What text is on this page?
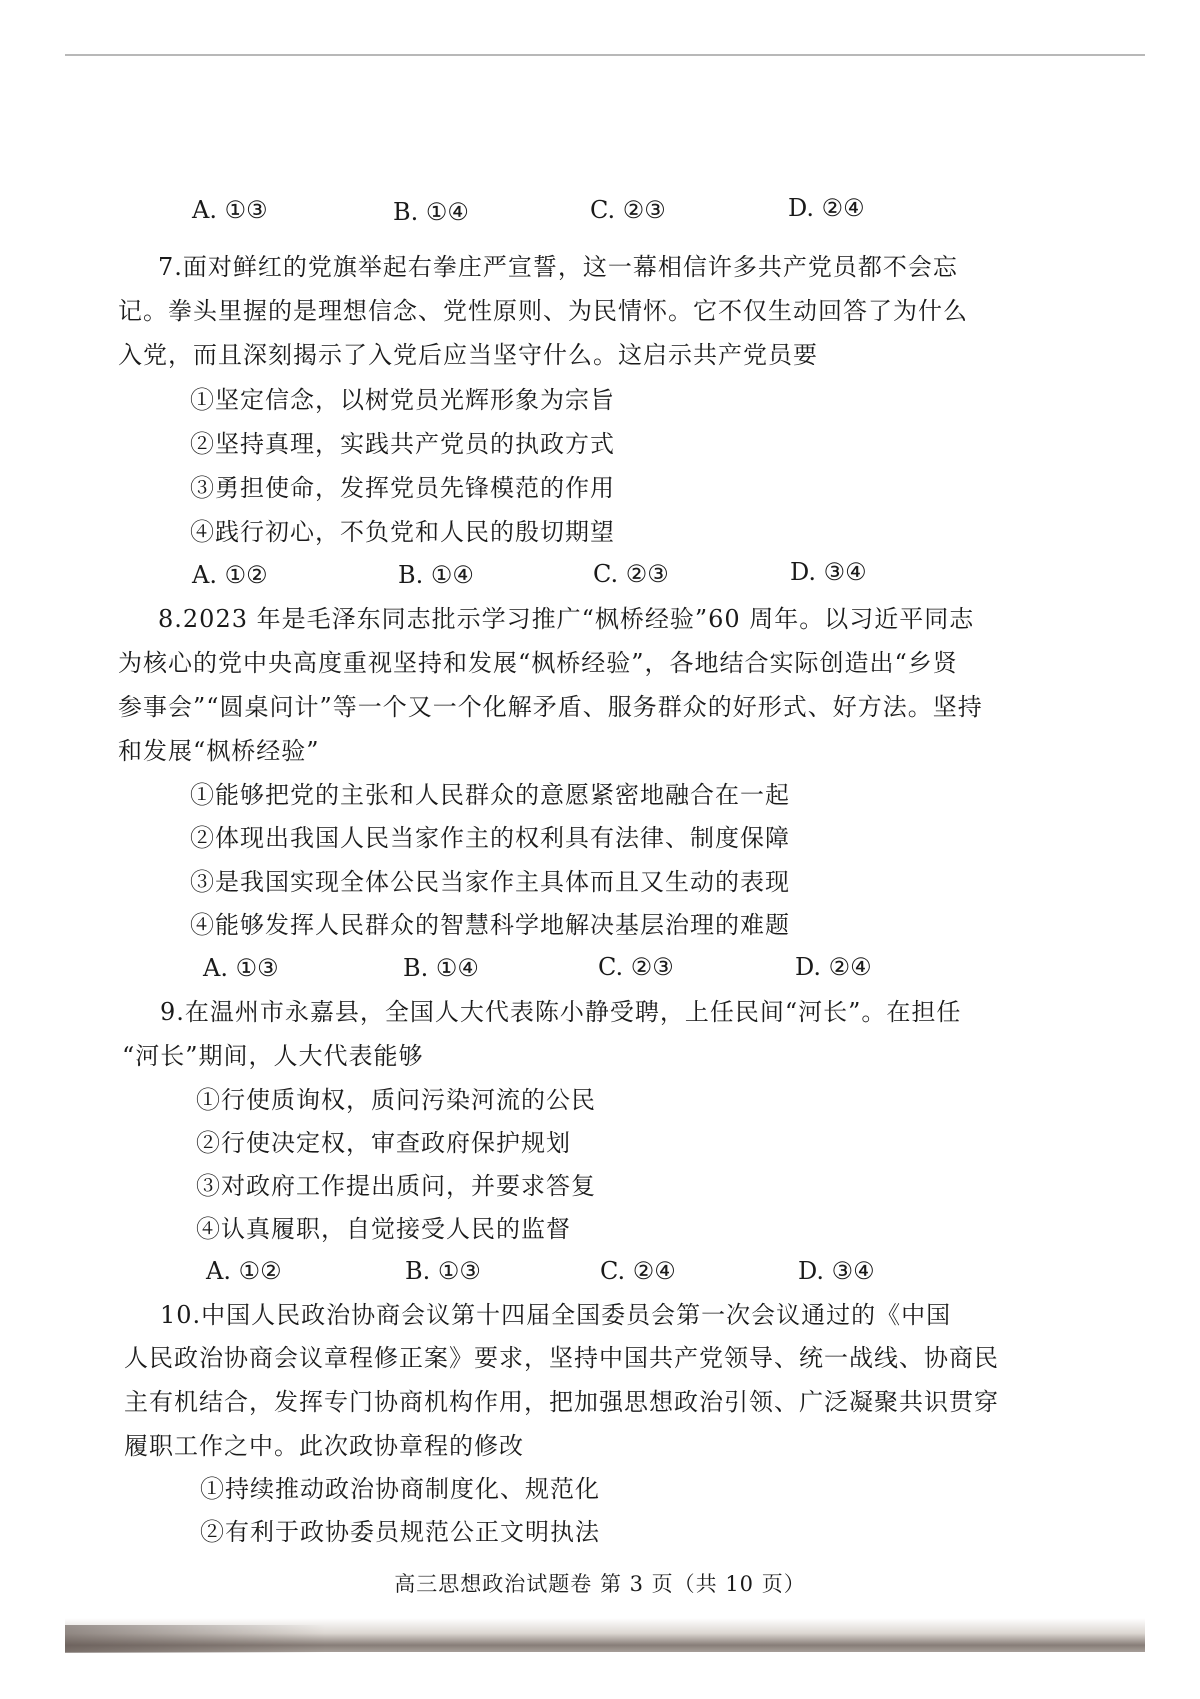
A. ①③	B. ①④	C. ②③	D. ②④
7.面对鲜红的党旗举起右拳庄严宣誓，这一幕相信许多共产党员都不会忘
记。拳头里握的是理想信念、党性原则、为民情怀。它不仅生动回答了为什么
入党，而且深刻揭示了入党后应当坚守什么。这启示共产党员要
①坚定信念，以树党员光辉形象为宗旨
②坚持真理，实践共产党员的执政方式
③勇担使命，发挥党员先锋模范的作用
④践行初心，不负党和人民的殷切期望
A. ①②	B. ①④	C. ②③	D. ③④
8.2023 年是毛泽东同志批示学习推广“枫桥经验”60 周年。以习近平同志
为核心的党中央高度重视坚持和发展“枫桥经验”，各地结合实际创造出“乡贤
参事会”“圆桌问计”等一个又一个化解矛盾、服务群众的好形式、好方法。坚持
和发展“枫桥经验”
①能够把党的主张和人民群众的意愿紧密地融合在一起
②体现出我国人民当家作主的权利具有法律、制度保障
③是我国实现全体公民当家作主具体而且又生动的表现
④能够发挥人民群众的智慧科学地解决基层治理的难题
A. ①③	B. ①④	C. ②③	D. ②④
9.在温州市永嘉县，全国人大代表陈小静受聘，上任民间“河长”。在担任
“河长”期间，人大代表能够
①行使质询权，质问污染河流的公民
②行使决定权，审查政府保护规划
③对政府工作提出质问，并要求答复
④认真履职，自觉接受人民的监督
A. ①②	B. ①③	C. ②④	D. ③④
10.中国人民政治协商会议第十四届全国委员会第一次会议通过的《中国
人民政治协商会议章程修正案》要求，坚持中国共产党领导、统一战线、协商民
主有机结合，发挥专门协商机构作用，把加强思想政治引领、广泛凝聚共识贯穿
履职工作之中。此次政协章程的修改
①持续推动政治协商制度化、规范化
②有利于政协委员规范公正文明执法
高三思想政治试题卷 第 3 页（共 10 页）
